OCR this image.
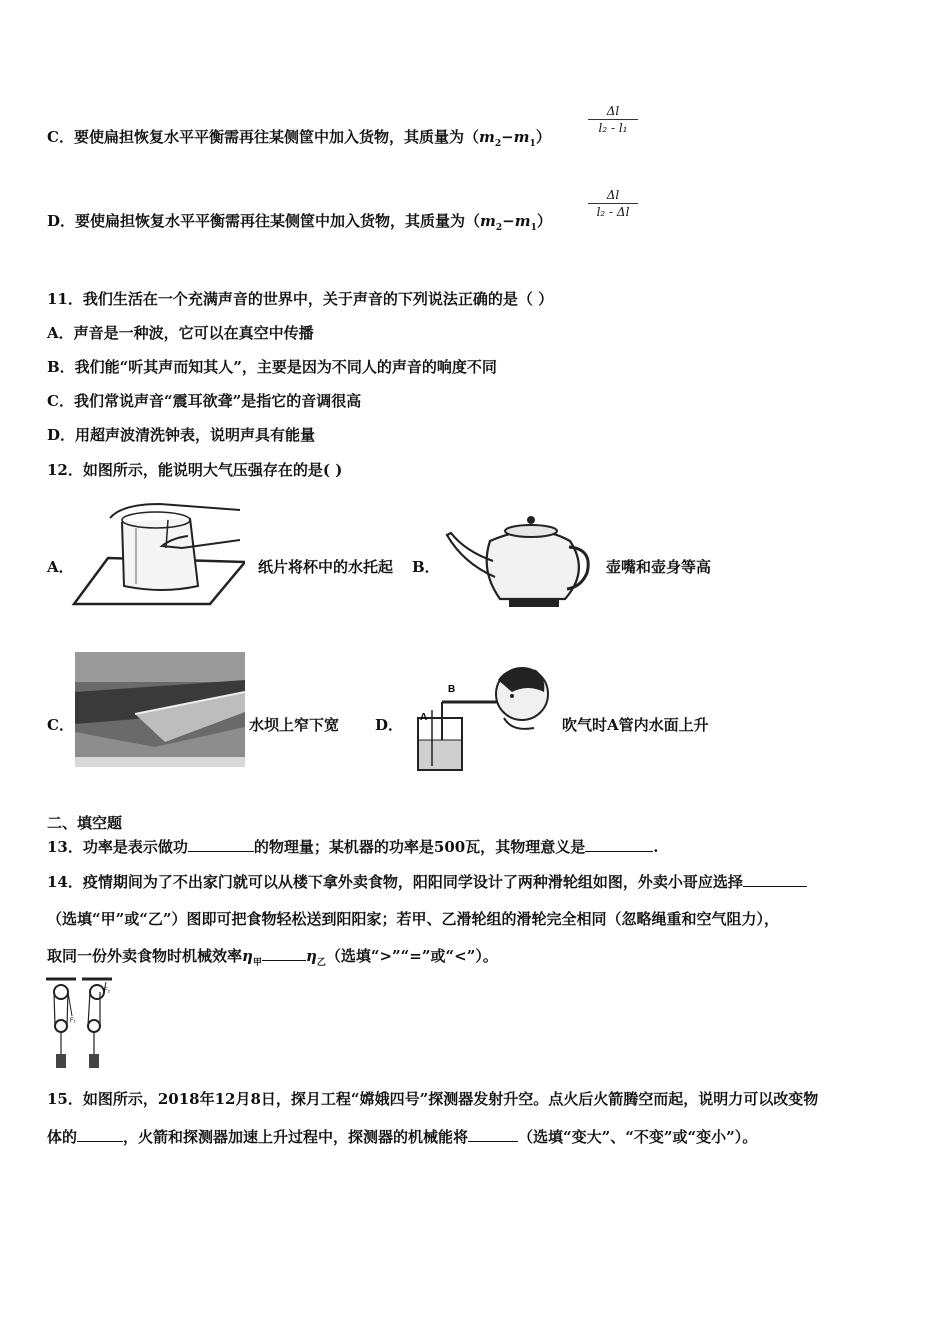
C．要使扁担恢复水平平衡需再往某侧筐中加入货物，其质量为$(m_2-m_1)$
$\frac{\Delta l}{\text{l₂ - l₁}}$
D．要使扁担恢复水平平衡需再往某侧筐中加入货物，其质量为$(m_2-m_1)$
$\frac{\Delta l}{\text{l₂ - Δl}}$
11．我们生活在一个充满声音的世界中，关于声音的下列说法正确的是（ ）
A．声音是一种波，它可以在真空中传播
B．我们能“听其声而知其人”，主要是因为不同人的声音的响度不同
C．我们常说声音“震耳欲聋”是指它的音调很高
D．用超声波清洗钟表，说明声具有能量
12．如图所示，能说明大气压强存在的是( )
A．	纸片将杯中的水托起 B．	壶嘴和壶身等高
C．	水坝上窄下宽 D．
B
A	吹气时A管内水面上升
二、填空题
13．功率是表示做功	的物理量；某机器的功率是500瓦，其物理意义是	.
14．疫情期间为了不出家门就可以从楼下拿外卖食物，阳阳同学设计了两种滑轮组如图，外卖小哥应选择
（选填“甲”或“乙”）图即可把食物轻松送到阳阳家；若甲、乙滑轮组的滑轮完全相同（忽略绳重和空气阻力），
取同一份外卖食物时机械效率$\eta_甲$	$\eta_乙$（选填“>”“=”或“<”）。
F₁
F₂
15．如图所示，2018年12月8日，探月工程“嫦娥四号”探测器发射升空。点火后火箭腾空而起，说明力可以改变物
体的	，火箭和探测器加速上升过程中，探测器的机械能将	（选填“变大”、“不变”或“变小”）。
